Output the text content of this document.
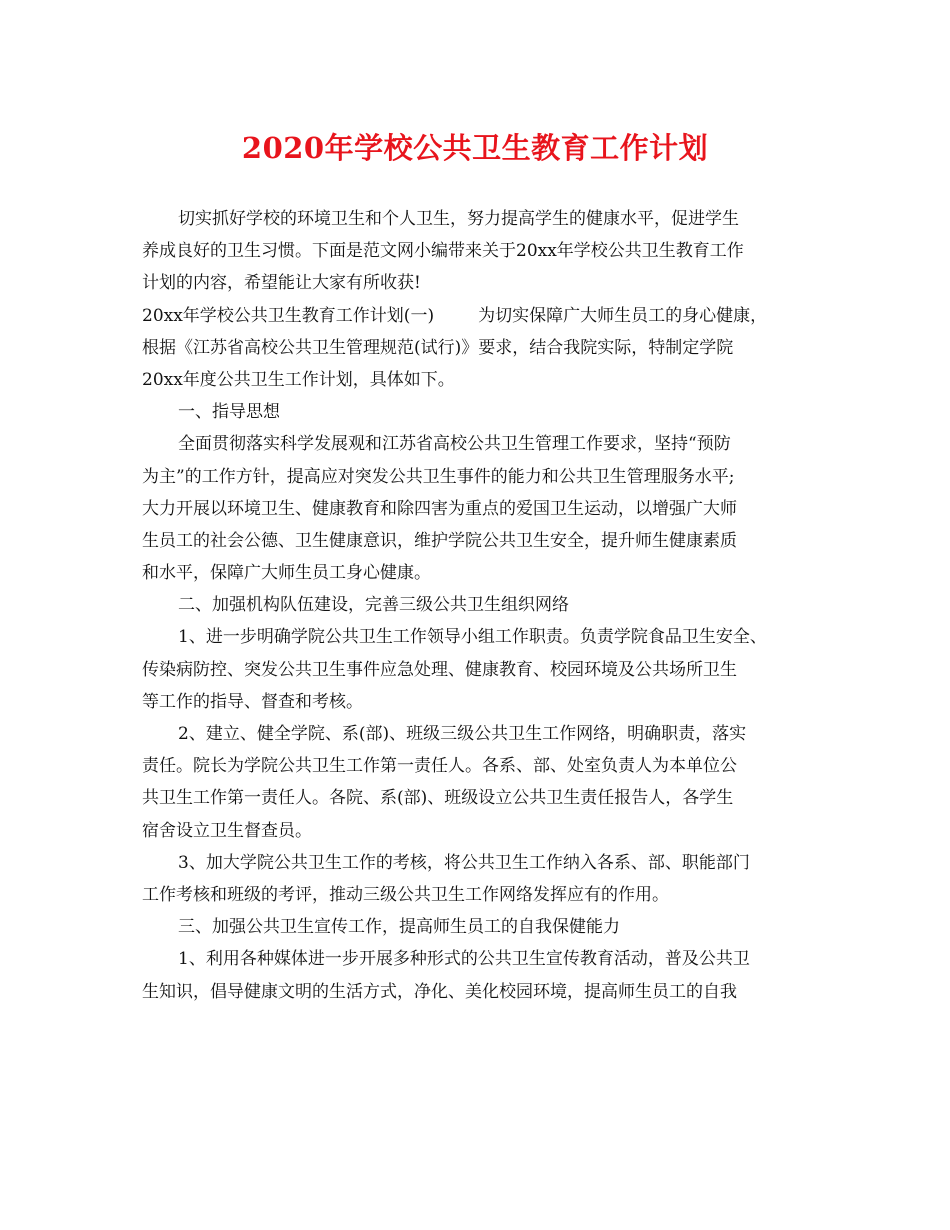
2020年学校公共卫生教育工作计划
切实抓好学校的环境卫生和个人卫生，努力提高学生的健康水平，促进学生
养成良好的卫生习惯。下面是范文网小编带来关于20xx年学校公共卫生教育工作
计划的内容，希望能让大家有所收获!
20xx年学校公共卫生教育工作计划(一)	为切实保障广大师生员工的身心健康，
根据《江苏省高校公共卫生管理规范(试行)》要求，结合我院实际，特制定学院
20xx年度公共卫生工作计划，具体如下。
一、指导思想
全面贯彻落实科学发展观和江苏省高校公共卫生管理工作要求，坚持“预防
为主”的工作方针，提高应对突发公共卫生事件的能力和公共卫生管理服务水平;
大力开展以环境卫生、健康教育和除四害为重点的爱国卫生运动，以增强广大师
生员工的社会公德、卫生健康意识，维护学院公共卫生安全，提升师生健康素质
和水平，保障广大师生员工身心健康。
二、加强机构队伍建设，完善三级公共卫生组织网络
1、进一步明确学院公共卫生工作领导小组工作职责。负责学院食品卫生安全、
传染病防控、突发公共卫生事件应急处理、健康教育、校园环境及公共场所卫生
等工作的指导、督查和考核。
2、建立、健全学院、系(部)、班级三级公共卫生工作网络，明确职责，落实
责任。院长为学院公共卫生工作第一责任人。各系、部、处室负责人为本单位公
共卫生工作第一责任人。各院、系(部)、班级设立公共卫生责任报告人，各学生
宿舍设立卫生督查员。
3、加大学院公共卫生工作的考核，将公共卫生工作纳入各系、部、职能部门
工作考核和班级的考评，推动三级公共卫生工作网络发挥应有的作用。
三、加强公共卫生宣传工作，提高师生员工的自我保健能力
1、利用各种媒体进一步开展多种形式的公共卫生宣传教育活动，普及公共卫
生知识，倡导健康文明的生活方式，净化、美化校园环境，提高师生员工的自我
